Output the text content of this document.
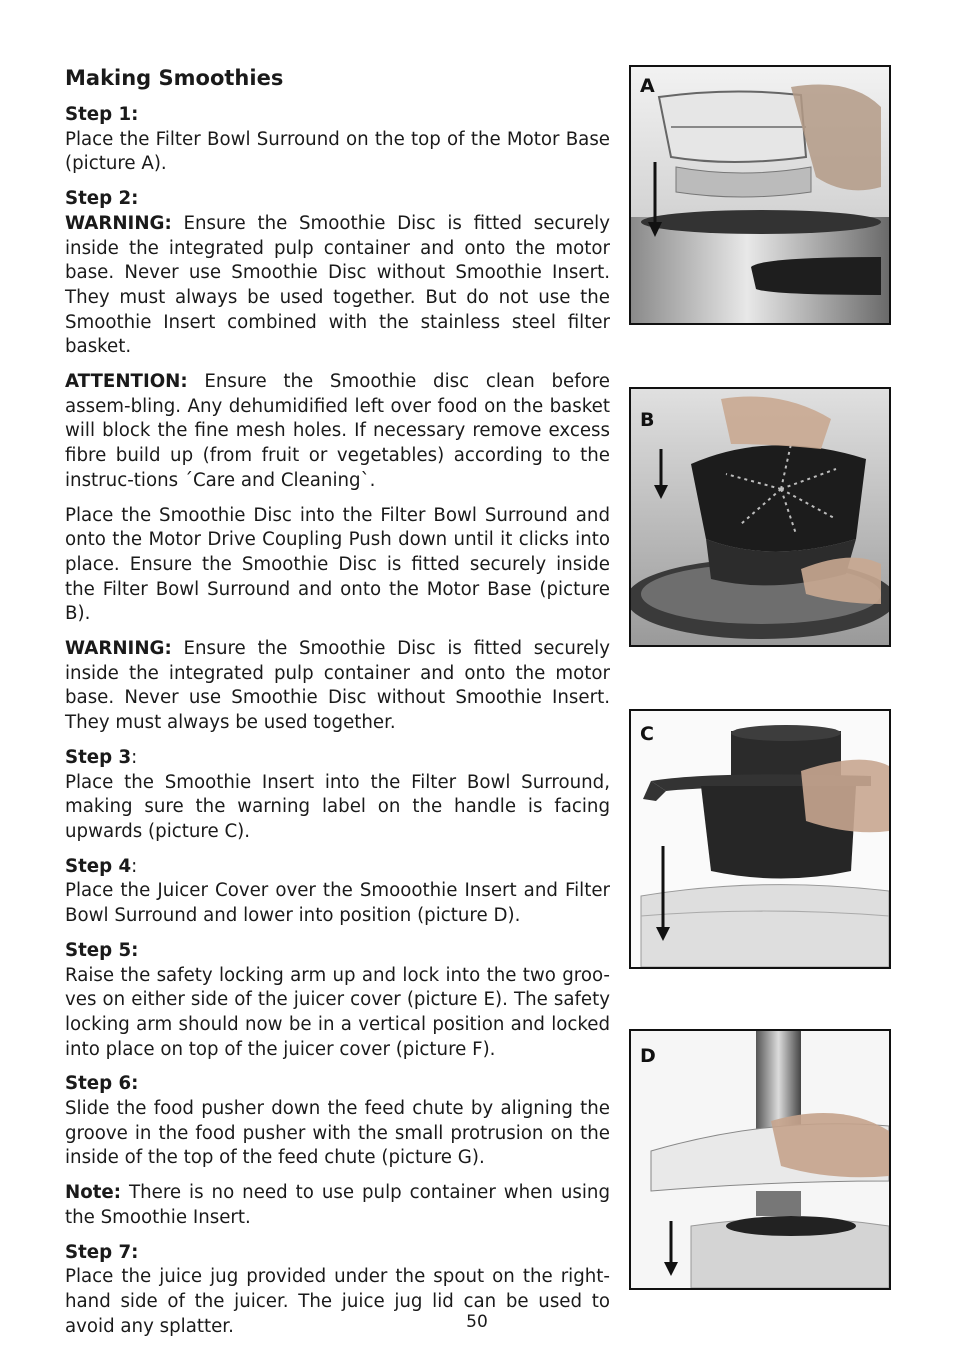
Making Smoothies

Step 1:
Place the Filter Bowl Surround on the top of the Motor Base (picture A).

Step 2:
WARNING: Ensure the Smoothie Disc is fitted securely inside the integrated pulp container and onto the motor base. Never use Smoothie Disc without Smoothie Insert. They must always be used together. But do not use the Smoothie Insert combined with the stainless steel filter basket.

ATTENTION: Ensure the Smoothie disc clean before assem-bling. Any dehumidified left over food on the basket will block the fine mesh holes. If necessary remove excess fibre build up (from fruit or vegetables) according to the instruc-tions ´Care and Cleaning`.

Place the Smoothie Disc into the Filter Bowl Surround and onto the Motor Drive Coupling Push down until it clicks into place. Ensure the Smoothie Disc is fitted securely inside the Filter Bowl Surround and onto the Motor Base (picture B).

WARNING: Ensure the Smoothie Disc is fitted securely inside the integrated pulp container and onto the motor base. Never use Smoothie Disc without Smoothie Insert. They must always be used together.

Step 3:
Place the Smoothie Insert into the Filter Bowl Surround, making sure the warning label on the handle is facing upwards (picture C).

Step 4:
Place the Juicer Cover over the Smooothie Insert and Filter Bowl Surround and lower into position (picture D).

Step 5:
Raise the safety locking arm up and lock into the two groo-ves on either side of the juicer cover (picture E). The safety locking arm should now be in a vertical position and locked into place on top of the juicer cover (picture F).

Step 6:
Slide the food pusher down the feed chute by aligning the groove in the food pusher with the small protrusion on the inside of the top of the feed chute (picture G).

Note: There is no need to use pulp container when using the Smoothie Insert.

Step 7:
Place the juice jug provided under the spout on the right-hand side of the juicer. The juice jug lid can be used to avoid any splatter.

A
B
C
D
50
